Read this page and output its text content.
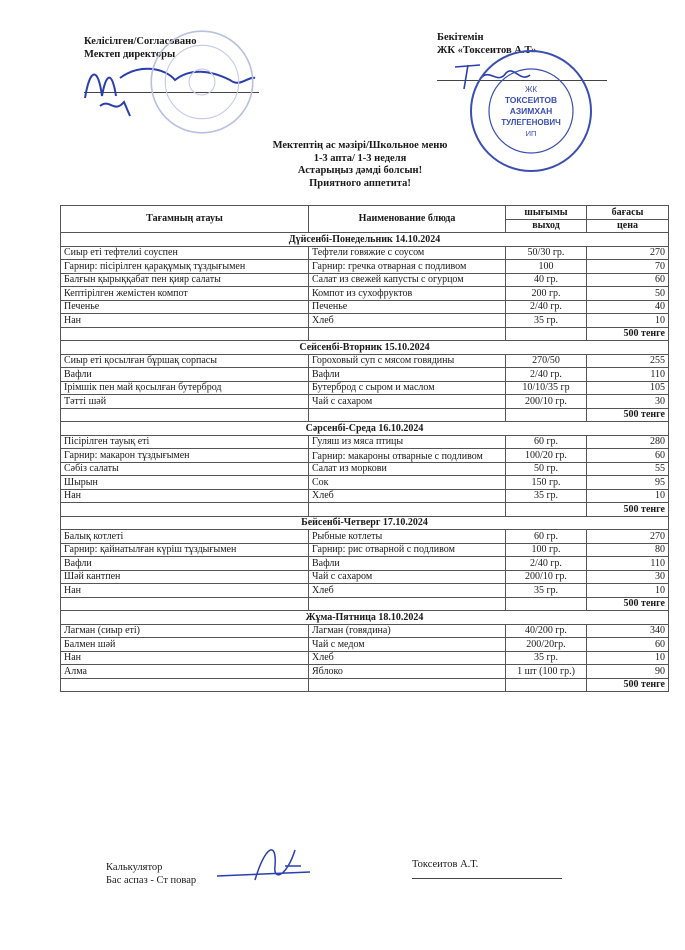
Келісілген/Согласовано
Мектеп директоры
Бекітемін
ЖК «Токсеитов А.Т»
ЖК
ТОКСЕИТОВ
АЗИМХАН
ТУЛЕГЕНОВИЧ
ИП
Мектептің ас мәзірі/Школьное меню
1-3 апта/ 1-3 неделя
Астарыңыз дәмді болсын!
Приятного аппетита!
Тағамның атауы	Наименование блюда	шығымы	бағасы
		выход	цена
Дүйсенбі-Понедельник 14.10.2024			
Сиыр еті тефтелиі соуспен	Тефтели говяжие с соусом	50/30 гр.	270
Гарнир: пісірілген қарақұмық тұздығымен	Гарнир: гречка отварная с подливом	100	70
Балғын қырыққабат пен қияр салаты	Салат из свежей капусты с огурцом	40 гр.	60
Кептірілген жемістен компот	Компот из сухофруктов	200 гр.	50
Печенье	Печенье	2/40 гр.	40
Нан	Хлеб	35 гр.	10
			500 тенге
Сейсенбі-Вторник 15.10.2024			
Сиыр еті қосылған бұршақ сорпасы	Гороховый суп с мясом говядины	270/50	255
Вафли	Вафли	2/40 гр.	110
Ірімшік пен май қосылған бутерброд	Бутерброд с сыром и маслом	10/10/35 гр	105
Тәтті шәй	Чай с сахаром	200/10 гр.	30
			500 тенге
Сәрсенбі-Среда 16.10.2024			
Пісірілген тауық еті	Гуляш из мяса птицы	60 гр.	280
Гарнир: макарон тұздығымен	Гарнир: макароны отварные с подливом	100/20 гр.	60
Сәбіз салаты	Салат из моркови	50 гр.	55
Шырын	Сок	150 гр.	95
Нан	Хлеб	35 гр.	10
			500 тенге
Бейсенбі-Четверг 17.10.2024			
Балық котлеті	Рыбные котлеты	60 гр.	270
Гарнир: қайнатылған күріш тұздығымен	Гарнир: рис отварной с подливом	100 гр.	80
Вафли	Вафли	2/40 гр.	110
Шәй кантпен	Чай с сахаром	200/10 гр.	30
Нан	Хлеб	35 гр.	10
			500 тенге
Жұма-Пятница 18.10.2024			
Лагман (сиыр еті)	Лагман (говядина)	40/200 гр.	340
Балмен шәй	Чай с медом	200/20гр.	60
Нан	Хлеб	35 гр.	10
Алма	Яблоко	1 шт (100 гр.)	90
			500 тенге
Калькулятор
Бас аспаз - Ст повар
Токсеитов А.Т.
